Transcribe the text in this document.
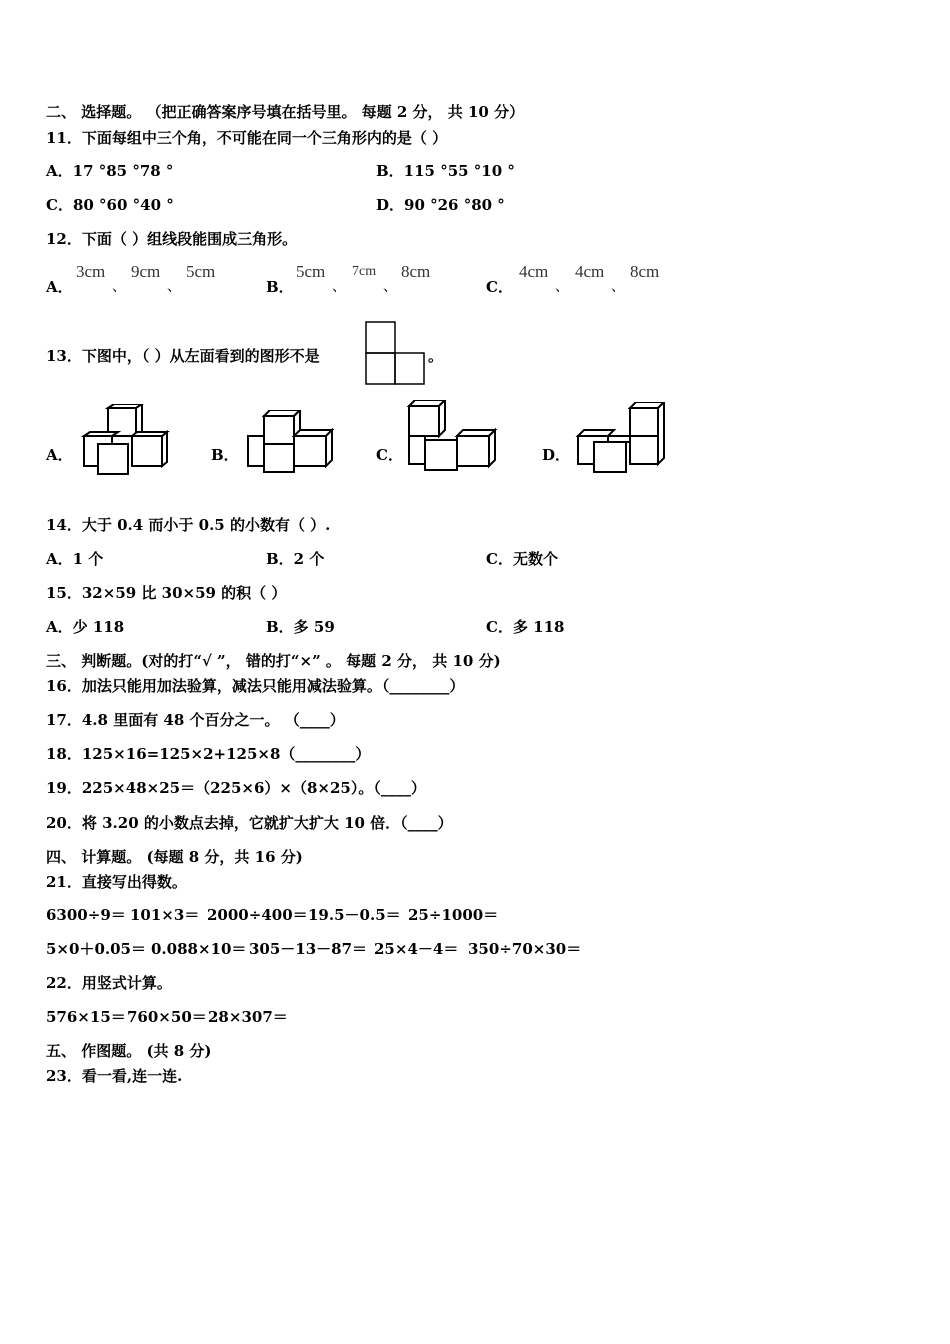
二、 选择题。 （把正确答案序号填在括号里。 每题 2 分， 共 10 分）
11．下面每组中三个角，不可能在同一个三角形内的是（ ）
A．17 °85 °78 °	B．115 °55 °10 °
C．80 °60 °40 °	D．90 °26 °80 °
12．下面（ ）组线段能围成三角形。
A．
3cm
、
9cm
、
5cm
B．
5cm
、
7cm
、
8cm
C．
4cm
、
4cm
、
8cm
13．下图中，（ ）从左面看到的图形不是	。
A．	B．	C．	D．
14．大于 0.4 而小于 0.5 的小数有（ ）.
A．1 个	B．2 个	C．无数个
15．32×59 比 30×59 的积（ ）
A．少 118	B．多 59	C．多 118
三、 判断题。(对的打“√ ”， 错的打“×” 。 每题 2 分， 共 10 分)
16．加法只能用加法验算，减法只能用减法验算。（________）
17．4.8 里面有 48 个百分之一。 （____）
18．125×16=125×2+125×8（________）
19．225×48×25＝（225×6）×（8×25）。（____）
20．将 3.20 的小数点去掉，它就扩大扩大 10 倍．（____）
四、 计算题。 (每题 8 分，共 16 分)
21．直接写出得数。
6300÷9＝ 101×3＝ 2000÷400＝ 19.5－0.5＝ 25÷1000＝
5×0＋0.05＝ 0.088×10＝ 305－13－87＝ 25×4－4＝ 350÷70×30＝
22．用竖式计算。
576×15＝ 760×50＝ 28×307＝
五、 作图题。 (共 8 分)
23．看一看,连一连.
